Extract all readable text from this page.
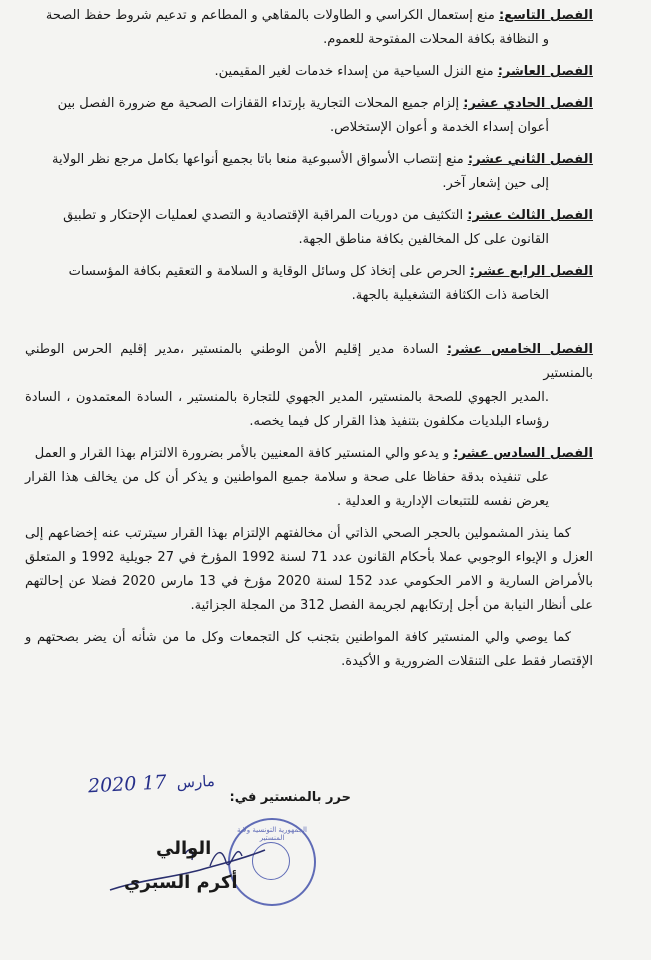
الفصل التاسع: منع إستعمال الكراسي و الطاولات بالمقاهي و المطاعم و تدعيم شروط حفظ الصحة
و النظافة بكافة المحلات المفتوحة للعموم.
الفصل العاشر: منع النزل السياحية من إسداء خدمات لغير المقيمين.
الفصل الحادي عشر: إلزام جميع المحلات التجارية بإرتداء القفازات الصحية مع ضرورة الفصل بين
أعوان إسداء الخدمة و أعوان الإستخلاص.
الفصل الثاني عشر: منع إنتصاب الأسواق الأسبوعية منعا باتا بجميع أنواعها بكامل مرجع نظر الولاية
إلى حين إشعار آخر.
الفصل الثالث عشر: التكثيف من دوريات المراقبة الإقتصادية و التصدي لعمليات الإحتكار و تطبيق
القانون على كل المخالفين بكافة مناطق الجهة.
الفصل الرابع عشر: الحرص على إتخاذ كل وسائل الوقاية و السلامة و التعقيم بكافة المؤسسات
الخاصة ذات الكثافة التشغيلية بالجهة.
الفصل الخامس عشر: السادة مدير إقليم الأمن الوطني بالمنستير ،مدير إقليم الحرس الوطني بالمنستير
.المدير الجهوي للصحة بالمنستير، المدير الجهوي للتجارة بالمنستير ، السادة المعتمدون ، السادة رؤساء البلديات مكلفون بتنفيذ هذا القرار كل فيما يخصه.
الفصل السادس عشر: و يدعو والي المنستير كافة المعنيين بالأمر بضرورة الالتزام بهذا القرار و العمل
على تنفيذه بدقة حفاظا على صحة و سلامة جميع المواطنين و يذكر أن كل من يخالف هذا القرار يعرض نفسه للتتبعات الإدارية و العدلية .

كما ينذر المشمولين بالحجر الصحي الذاتي أن مخالفتهم الإلتزام بهذا القرار سيترتب عنه إخضاعهم إلى العزل و الإيواء الوجوبي عملا بأحكام القانون عدد 71 لسنة 1992 المؤرخ في 27 جويلية 1992 و المتعلق بالأمراض السارية و الامر الحكومي عدد 152 لسنة 2020 مؤرخ في 13 مارس 2020 فضلا عن إحالتهم على أنظار النيابة من أجل إرتكابهم لجريمة الفصل 312 من المجلة الجزائية.

كما يوصي والي المنستير كافة المواطنين بتجنب كل التجمعات وكل ما من شأنه أن يضر بصحتهم و الإقتصار فقط على التنقلات الضرورية و الأكيدة.

حرر بالمنستير في:
2020	مارس 17
الجمهورية التونسية ولاية المنستير
الوالي
أكرم السبري
